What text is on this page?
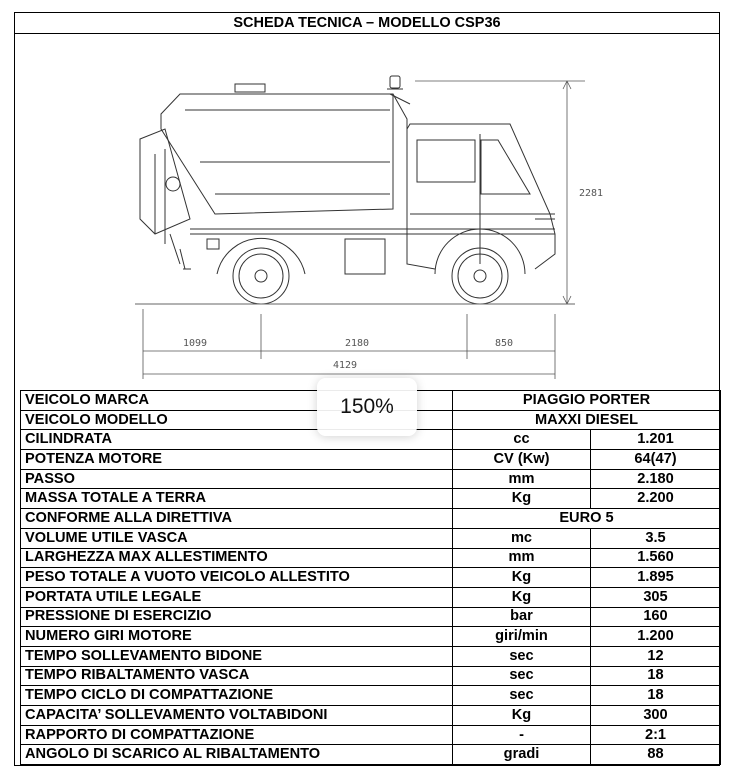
SCHEDA TECNICA – MODELLO CSP36
2281
1099	2180	850
4129
VEICOLO MARCA	PIAGGIO PORTER	
VEICOLO MODELLO	MAXXI DIESEL	
CILINDRATA	cc	1.201
POTENZA MOTORE	CV (Kw)	64(47)
PASSO	mm	2.180
MASSA TOTALE A TERRA	Kg	2.200
CONFORME ALLA DIRETTIVA	EURO 5	
VOLUME UTILE VASCA	mc	3.5
LARGHEZZA MAX ALLESTIMENTO	mm	1.560
PESO TOTALE A VUOTO VEICOLO ALLESTITO	Kg	1.895
PORTATA UTILE LEGALE	Kg	305
PRESSIONE DI ESERCIZIO	bar	160
NUMERO GIRI MOTORE	giri/min	1.200
TEMPO SOLLEVAMENTO BIDONE	sec	12
TEMPO RIBALTAMENTO VASCA	sec	18
TEMPO CICLO DI COMPATTAZIONE	sec	18
CAPACITA’ SOLLEVAMENTO VOLTABIDONI	Kg	300
RAPPORTO DI COMPATTAZIONE	-	2:1
ANGOLO DI SCARICO AL RIBALTAMENTO	gradi	88
150%
